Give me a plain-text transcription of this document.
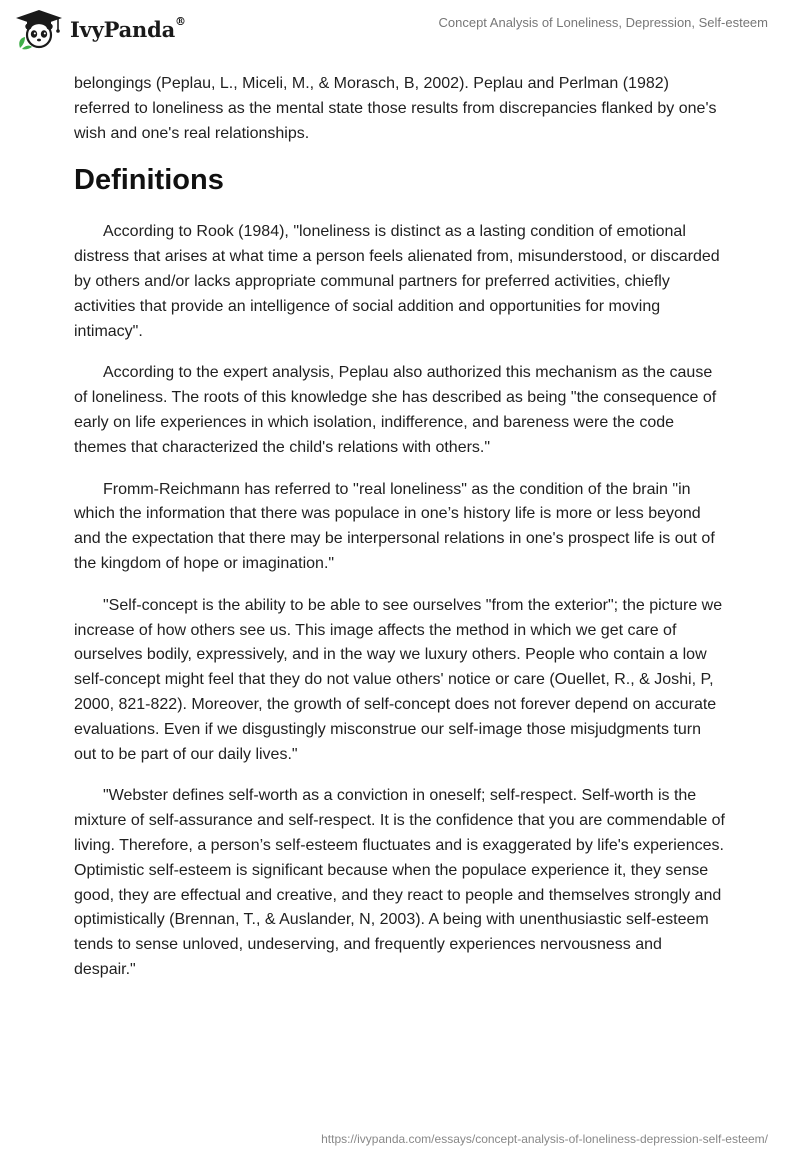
IvyPanda®	Concept Analysis of Loneliness, Depression, Self-esteem

belongings (Peplau, L., Miceli, M., & Morasch, B, 2002). Peplau and Perlman (1982) referred to loneliness as the mental state those results from discrepancies flanked by one's wish and one's real relationships.

Definitions

According to Rook (1984), "loneliness is distinct as a lasting condition of emotional distress that arises at what time a person feels alienated from, misunderstood, or discarded by others and/or lacks appropriate communal partners for preferred activities, chiefly activities that provide an intelligence of social addition and opportunities for moving intimacy".

According to the expert analysis, Peplau also authorized this mechanism as the cause of loneliness. The roots of this knowledge she has described as being "the consequence of early on life experiences in which isolation, indifference, and bareness were the code themes that characterized the child's relations with others."

Fromm-Reichmann has referred to ''real loneliness" as the condition of the brain "in which the information that there was populace in one’s history life is more or less beyond and the expectation that there may be interpersonal relations in one's prospect life is out of the kingdom of hope or imagination."

"Self-concept is the ability to be able to see ourselves "from the exterior"; the picture we increase of how others see us. This image affects the method in which we get care of ourselves bodily, expressively, and in the way we luxury others. People who contain a low self-concept might feel that they do not value others' notice or care (Ouellet, R., & Joshi, P, 2000, 821-822). Moreover, the growth of self-concept does not forever depend on accurate evaluations. Even if we disgustingly misconstrue our self-image those misjudgments turn out to be part of our daily lives."

"Webster defines self-worth as a conviction in oneself; self-respect. Self-worth is the mixture of self-assurance and self-respect. It is the confidence that you are commendable of living. Therefore, a person’s self-esteem fluctuates and is exaggerated by life's experiences. Optimistic self-esteem is significant because when the populace experience it, they sense good, they are effectual and creative, and they react to people and themselves strongly and optimistically (Brennan, T., & Auslander, N, 2003). A being with unenthusiastic self-esteem tends to sense unloved, undeserving, and frequently experiences nervousness and despair."

https://ivypanda.com/essays/concept-analysis-of-loneliness-depression-self-esteem/
